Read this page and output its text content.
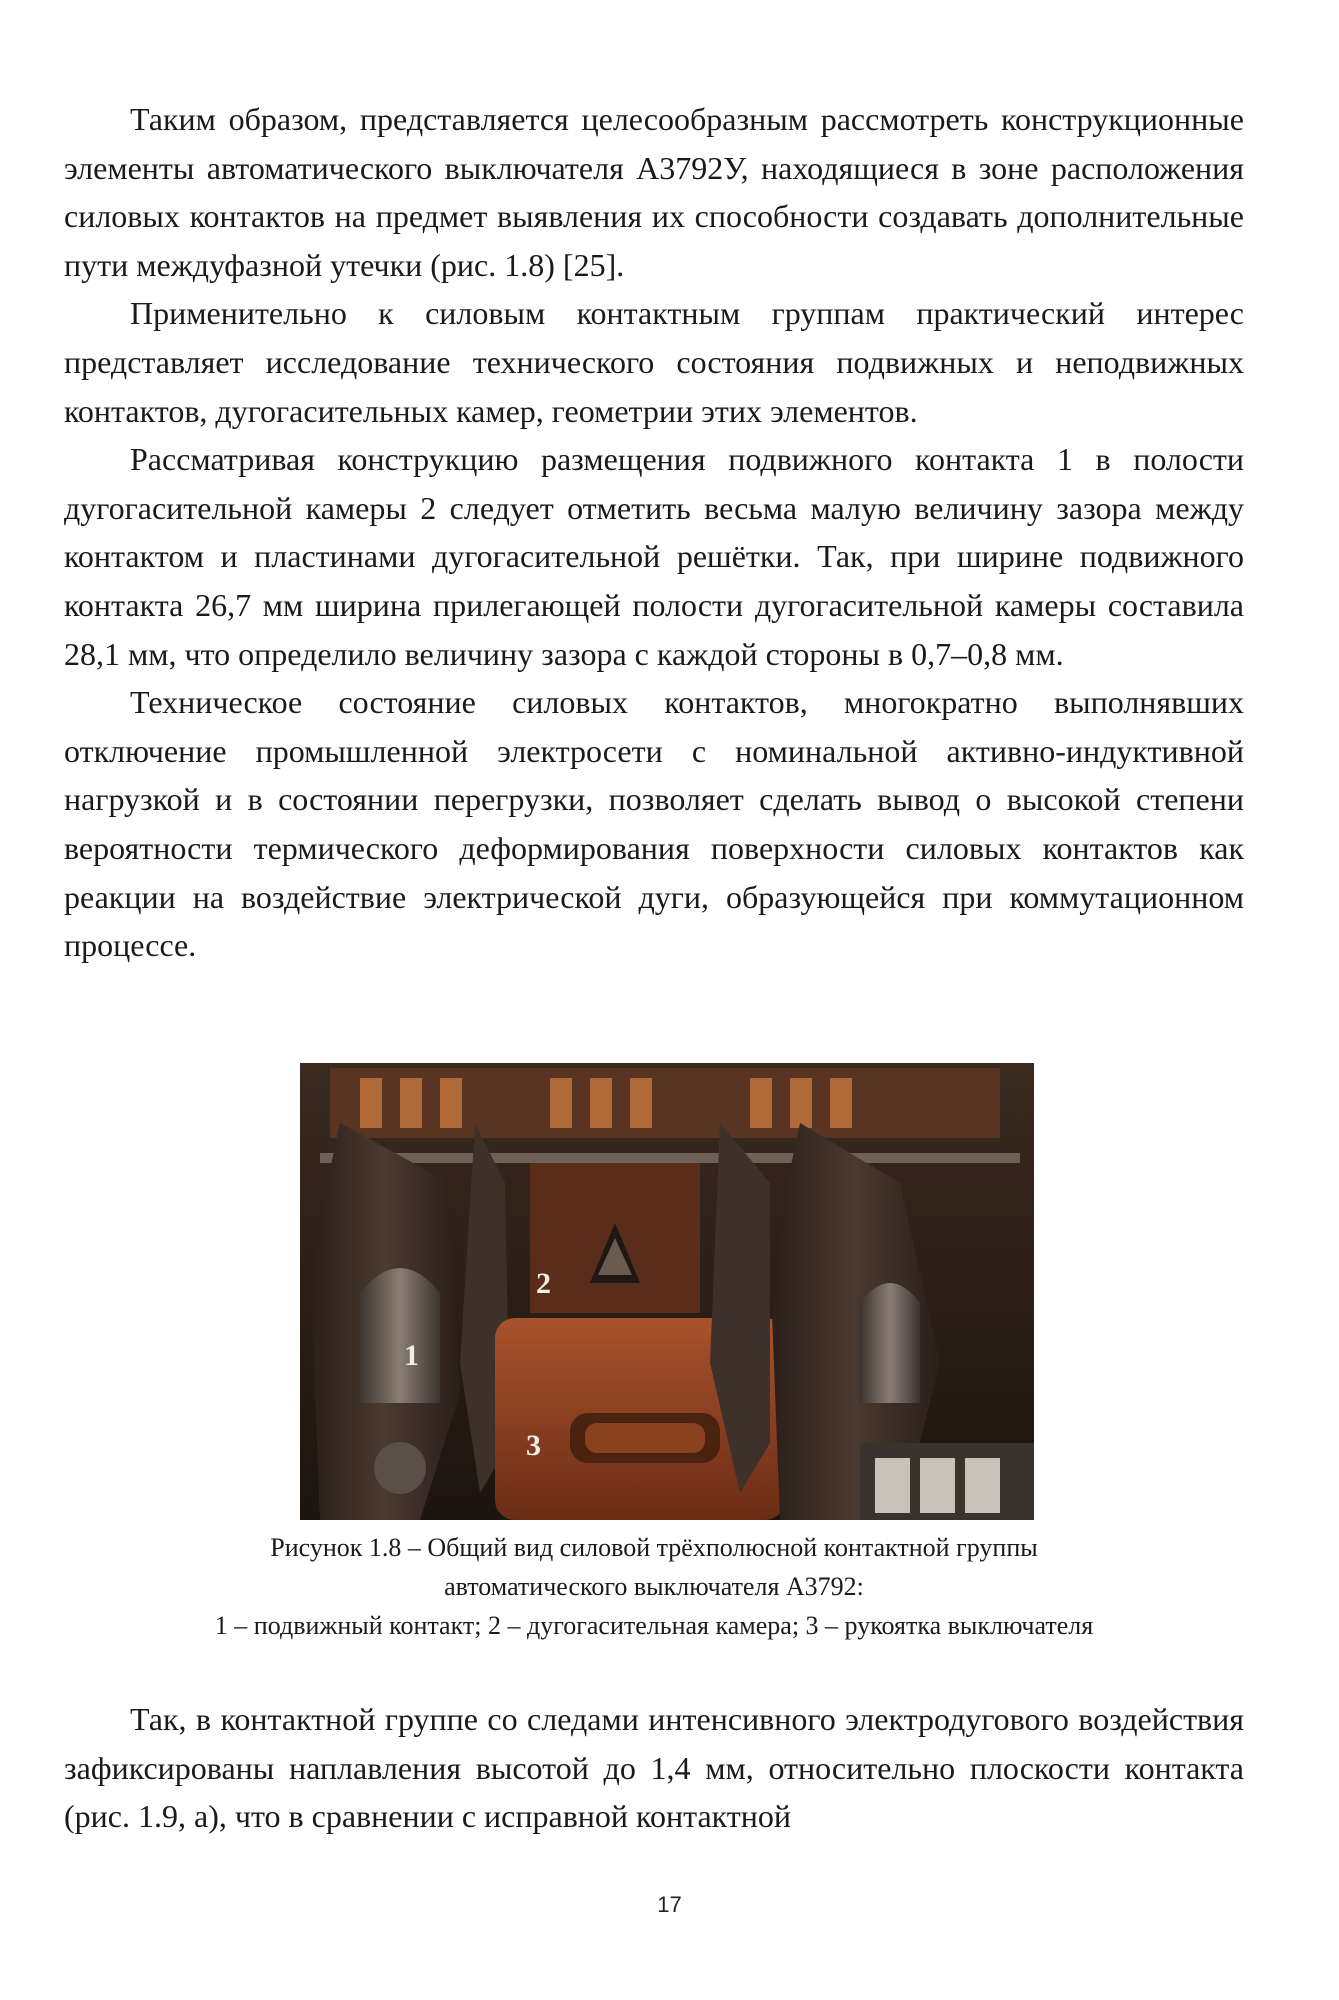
Таким образом, представляется целесообразным рассмотреть конструкционные элементы автоматического выключателя А3792У, находящиеся в зоне расположения силовых контактов на предмет выявления их способности создавать дополнительные пути междуфазной утечки (рис. 1.8) [25].

Применительно к силовым контактным группам практический интерес представляет исследование технического состояния подвижных и неподвижных контактов, дугогасительных камер, геометрии этих элементов.

Рассматривая конструкцию размещения подвижного контакта 1 в полости дугогасительной камеры 2 следует отметить весьма малую величину зазора между контактом и пластинами дугогасительной решётки. Так, при ширине подвижного контакта 26,7 мм ширина прилегающей полости дугогасительной камеры составила 28,1 мм, что определило величину зазора с каждой стороны в 0,7–0,8 мм.

Техническое состояние силовых контактов, многократно выполнявших отключение промышленной электросети с номинальной активно-индуктивной нагрузкой и в состоянии перегрузки, позволяет сделать вывод о высокой степени вероятности термического деформирования поверхности силовых контактов как реакции на воздействие электрической дуги, образующейся при коммутационном процессе.

2
1
3
Рисунок 1.8 – Общий вид силовой трёхполюсной контактной группы
автоматического выключателя А3792:
1 – подвижный контакт; 2 – дугогасительная камера; 3 – рукоятка выключателя

Так, в контактной группе со следами интенсивного электродугового воздействия зафиксированы наплавления высотой до 1,4 мм, относительно плоскости контакта (рис. 1.9, а), что в сравнении с исправной контактной

17
